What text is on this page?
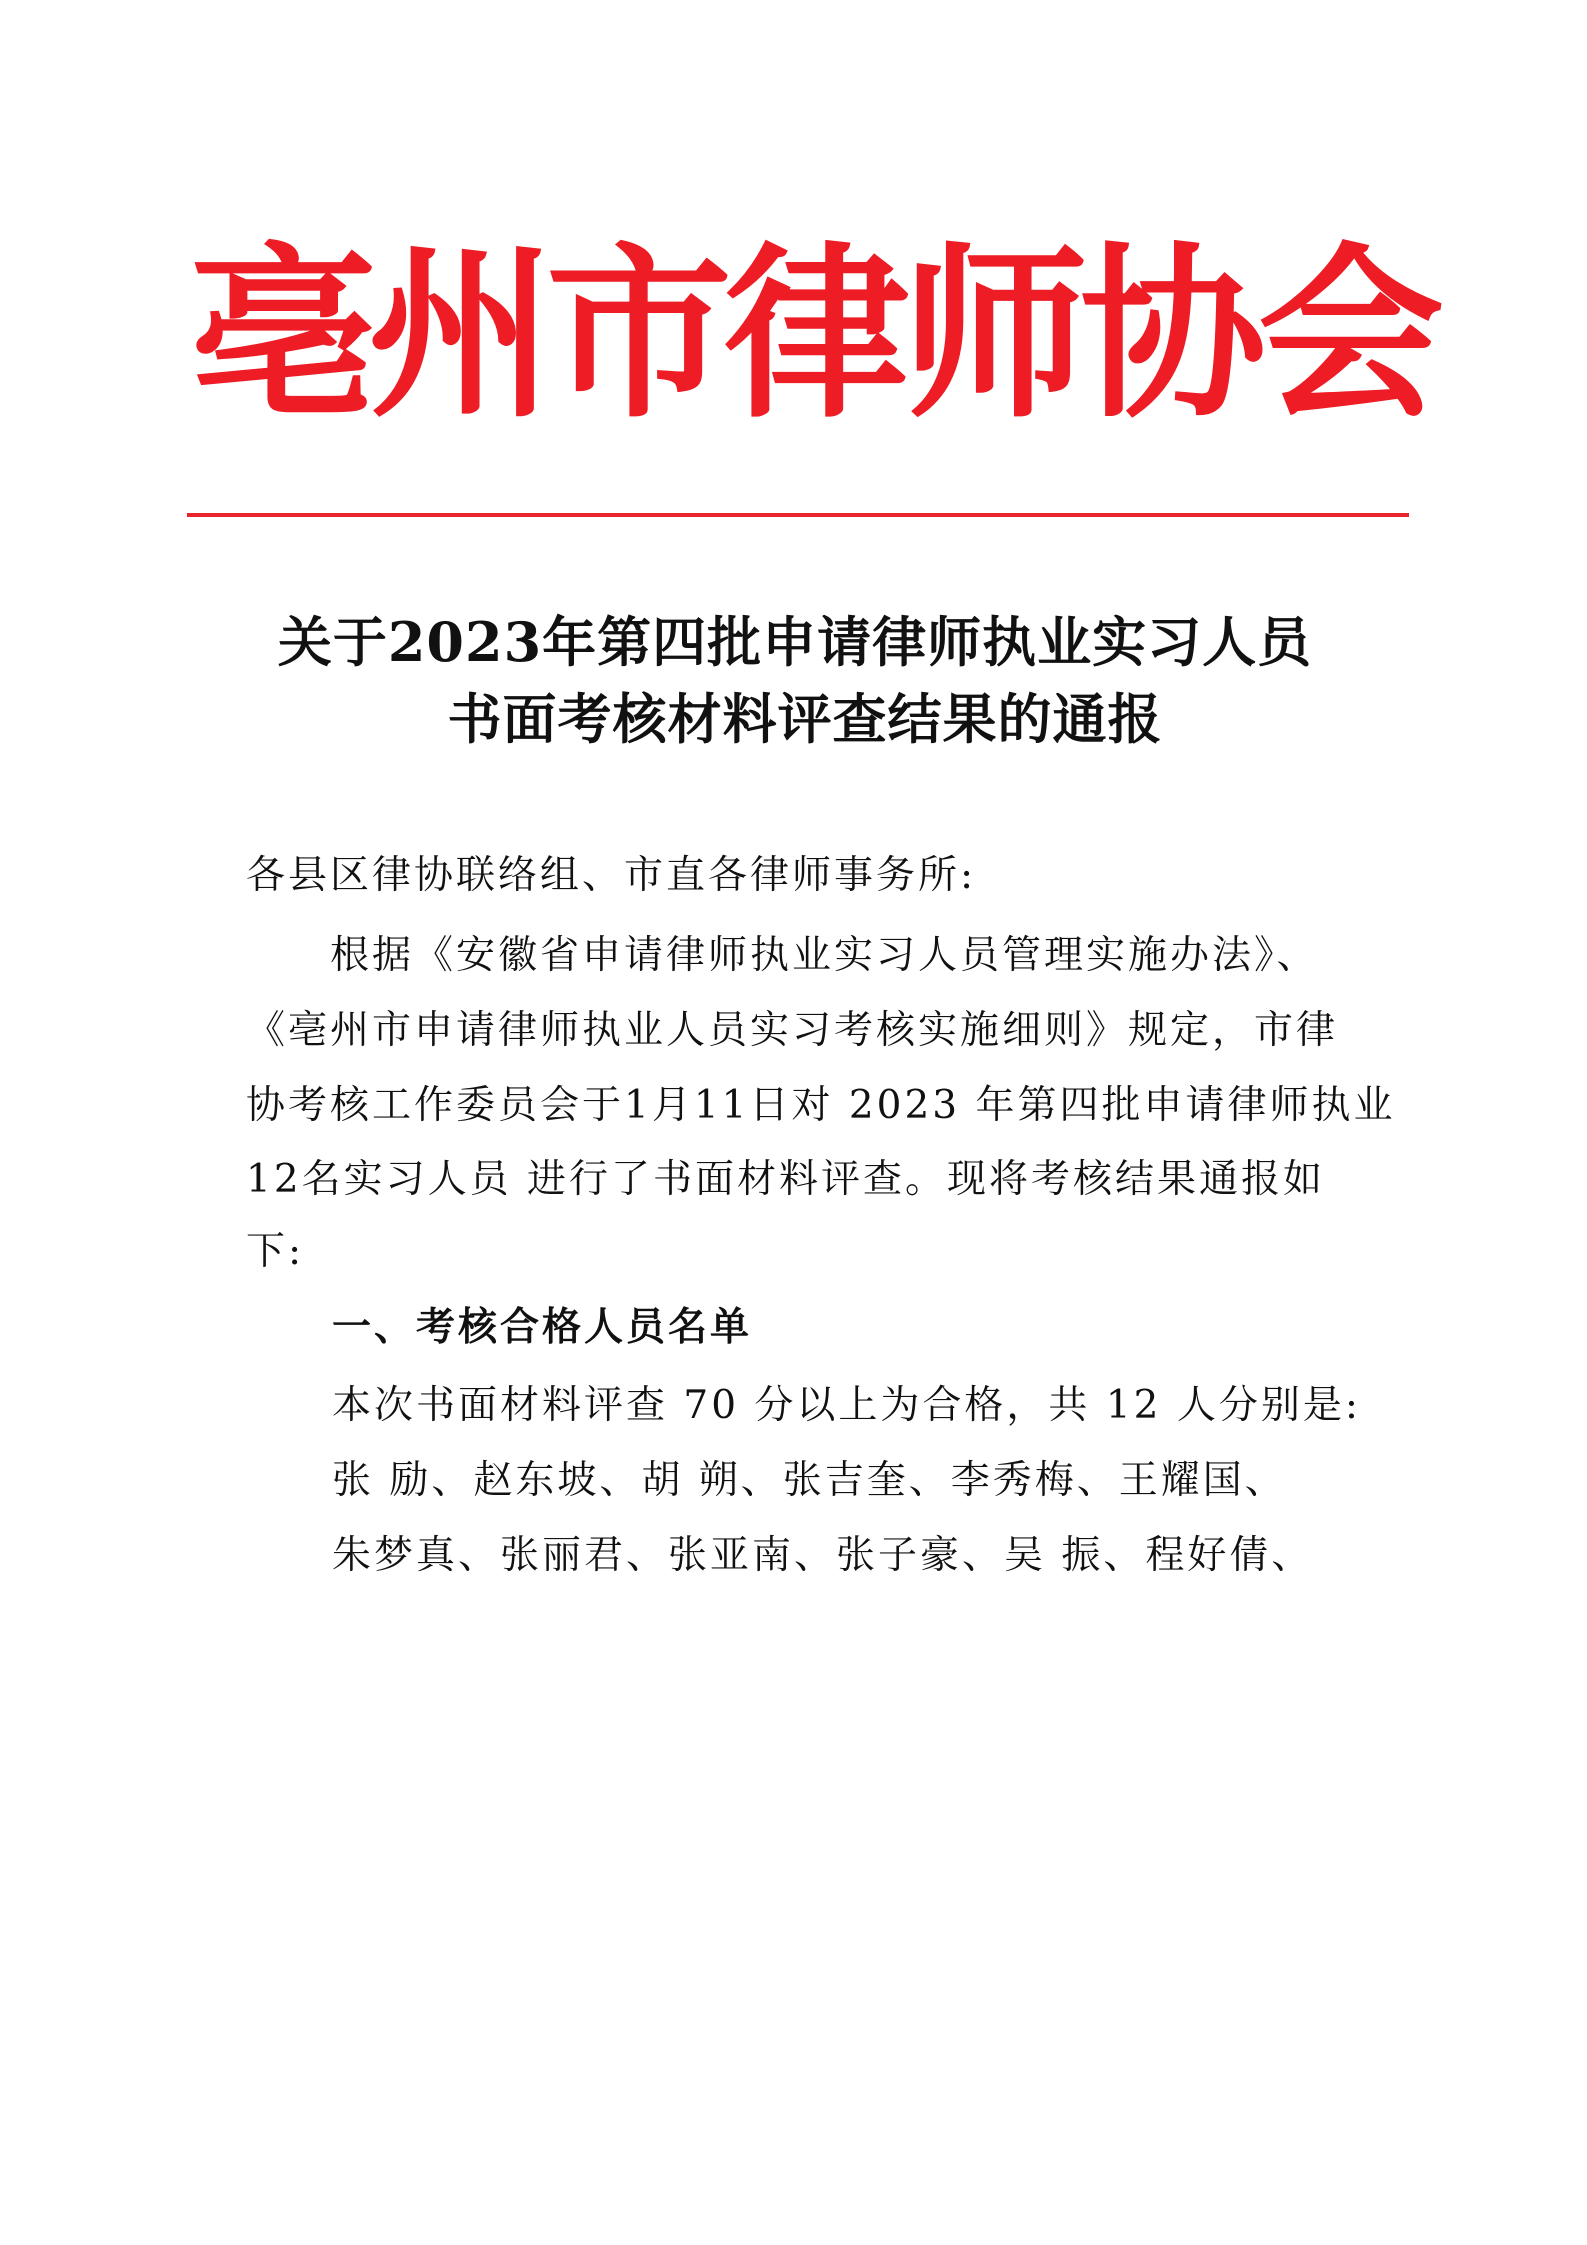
亳州市律师协会
关于2023年第四批申请律师执业实习人员
书面考核材料评查结果的通报
各县区律协联络组、市直各律师事务所:
根据《安徽省申请律师执业实习人员管理实施办法》、
《亳州市申请律师执业人员实习考核实施细则》规定，市律
协考核工作委员会于1月11日对 2023 年第四批申请律师执业
12名实习人员 进行了书面材料评查。现将考核结果通报如
下:
一、考核合格人员名单
本次书面材料评查 70 分以上为合格，共 12 人分别是:
张 励、赵东坡、胡 朔、张吉奎、李秀梅、王耀国、
朱梦真、张丽君、张亚南、张子豪、吴 振、程好倩、
